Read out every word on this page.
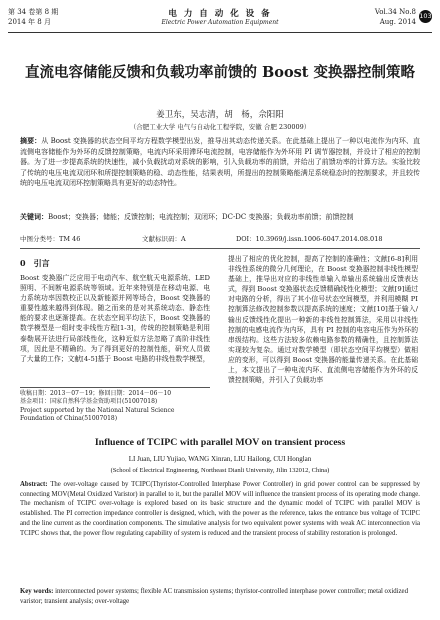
第 34 卷第 8 期
2014 年 8 月
电 力 自 动 化 设 备
Electric Power Automation Equipment
Vol.34 No.8
Aug. 2014
103
直流电容储能反馈和负载功率前馈的 Boost 变换器控制策略
姜卫东，吴志清，胡　杨，佘阳阳
（合肥工业大学 电气与自动化工程学院，安徽 合肥 230009）
摘要：从 Boost 变换器的状态空间平均方程数学模型出发，推导出其动态传递关系。在此基础上提出了一种以电流作为内环、直流侧电容储能作为外环的反馈控制策略，电流内环采用滞环电流控制，电容储能作为外环用 PI 调节器控制，并设计了相应的控制器。为了进一步提高系统的快速性，减小负载扰动对系统的影响，引入负载功率的前馈，并给出了前馈功率的计算方法。实验比较了传统的电压电流双闭环和所提控制策略的稳、动态性能，结果表明，所提出的控制策略能满足系统稳态时的控制要求，并且较传统的电压电流双闭环控制策略具有更好的动态特性。
关键词：Boost；变换器；储能；反馈控制；电流控制；双闭环；DC-DC 变换器；负载功率前馈；前馈控制
中图分类号：TM 46	文献标识码：A	DOI：10.3969/j.issn.1006-6047.2014.08.018
0　引言
Boost 变换器广泛应用于电动汽车、航空航天电源系统、LED 照明、不间断电源系统等领域。近年来特别是在移动电源、电力系统功率因数校正以及新能源并网等场合，Boost 变换器的重要性越来越得到体现。随之而来的是对其系统动态、静态性能的要求也逐渐提高。在状态空间平均法下，Boost 变换器的数学模型是一组时变非线性方程[1-3]，传统的控制策略是利用泰勒展开法进行局部线性化，这种近似方法忽略了高阶非线性项，因此是不精确的。为了得到更好的控制性能，研究人员做了大量的工作；文献[4-5]基于 Boost 电路的非线性数学模型，
收稿日期：2013－07－19；修回日期：2014－06－10
基金项目：国家自然科学基金资助项目(51007018)
Project supported by the National Natural Science Foundation of China(51007018)
提出了相应的优化控制，提高了控制的准确性；文献[6-8]利用非线性系统的微分几何理论，在 Boost 变换器控制非线性模型基础上，推导出对应的非线性单输入单输出系统输出反馈表达式，得到 Boost 变换器状态反馈精确线性化模型；文献[9]通过对电路的分析，得出了其小信号状态空间模型，并利用模糊 PI 控制算法修改控制参数以提高系统的速度；文献[10]基于输入/输出反馈线性化提出一种新的非线性控制算法，采用以非线性控制的电感电流作为内环，具有 PI 控制的电容电压作为外环的串级结构。这些方法较多依赖电路参数的精确性，且控制算法实现较为复杂。通过对数学模型（即状态空间平均模型）做相应的变形，可以得到 Boost 变换器的能量传递关系。在此基础上，本文提出了一种电流内环、直流侧电容储能作为外环的反馈控制策略，并引入了负载功率
Influence of TCIPC with parallel MOV on transient process
LI Juan, LIU Yujiao, WANG Xinran, LIU Hailong, CUI Honglan
(School of Electrical Engineering, Northeast Dianli University, Jilin 132012, China)
Abstract: The over-voltage caused by TCIPC(Thyristor-Controlled Interphase Power Controller) in grid power control can be suppressed by connecting MOV(Metal Oxidized Varistor) in parallel to it, but the parallel MOV will influence the transient process of its operating mode change. The mechanism of TCIPC over-voltage is explored based on its basic structure and the dynamic model of TCIPC with parallel MOV is established. The PI correction impedance controller is designed, which, with the power as the reference, takes the entrance bus voltage of TCIPC and the line current as the coordination components. The simulative analysis for two equivalent power systems with weak AC interconnection via TCIPC shows that, the power flow regulating capability of system is reduced and the transient process of stability restoration is prolonged.
Key words: interconnected power systems; flexible AC transmission systems; thyristor-controlled interphase power controller; metal oxidized varistor; transient analysis; over-voltage
